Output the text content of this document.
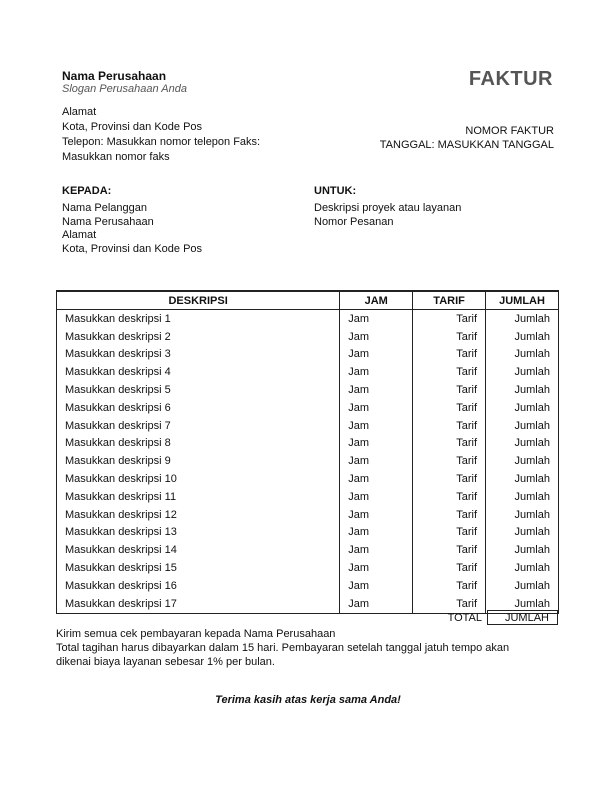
Nama Perusahaan
Slogan Perusahaan Anda	FAKTUR
Alamat
Kota, Provinsi dan Kode Pos
Telepon: Masukkan nomor telepon Faks:
Masukkan nomor faks
NOMOR FAKTUR
TANGGAL: MASUKKAN TANGGAL
KEPADA:	UNTUK:
Nama Pelanggan
Nama Perusahaan
Alamat
Kota, Provinsi dan Kode Pos
Deskripsi proyek atau layanan
Nomor Pesanan
DESKRIPSI	JAM	TARIF	JUMLAH
Masukkan deskripsi 1	Jam	Tarif	Jumlah
Masukkan deskripsi 2	Jam	Tarif	Jumlah
Masukkan deskripsi 3	Jam	Tarif	Jumlah
Masukkan deskripsi 4	Jam	Tarif	Jumlah
Masukkan deskripsi 5	Jam	Tarif	Jumlah
Masukkan deskripsi 6	Jam	Tarif	Jumlah
Masukkan deskripsi 7	Jam	Tarif	Jumlah
Masukkan deskripsi 8	Jam	Tarif	Jumlah
Masukkan deskripsi 9	Jam	Tarif	Jumlah
Masukkan deskripsi 10	Jam	Tarif	Jumlah
Masukkan deskripsi 11	Jam	Tarif	Jumlah
Masukkan deskripsi 12	Jam	Tarif	Jumlah
Masukkan deskripsi 13	Jam	Tarif	Jumlah
Masukkan deskripsi 14	Jam	Tarif	Jumlah
Masukkan deskripsi 15	Jam	Tarif	Jumlah
Masukkan deskripsi 16	Jam	Tarif	Jumlah
Masukkan deskripsi 17	Jam	Tarif	Jumlah
TOTAL	JUMLAH
Kirim semua cek pembayaran kepada Nama Perusahaan
Total tagihan harus dibayarkan dalam 15 hari. Pembayaran setelah tanggal jatuh tempo akan
dikenai biaya layanan sebesar 1% per bulan.
Terima kasih atas kerja sama Anda!
